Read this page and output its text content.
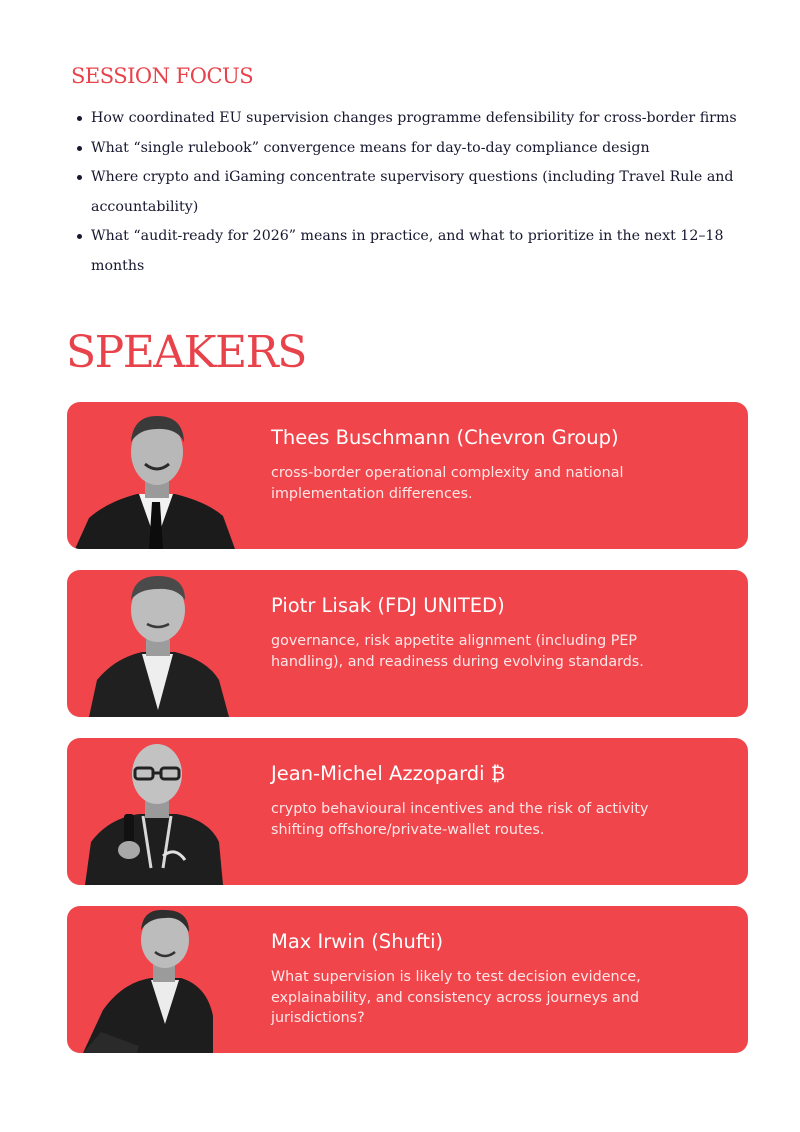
SESSION FOCUS
How coordinated EU supervision changes programme defensibility for cross-border firms
What “single rulebook” convergence means for day-to-day compliance design
Where crypto and iGaming concentrate supervisory questions (including Travel Rule and accountability)
What “audit-ready for 2026” means in practice, and what to prioritize in the next 12–18 months
SPEAKERS
Thees Buschmann (Chevron Group)

cross-border operational complexity and national implementation differences.

Piotr Lisak (FDJ UNITED)

governance, risk appetite alignment (including PEP handling), and readiness during evolving standards.

Jean-Michel Azzopardi ₿

crypto behavioural incentives and the risk of activity shifting offshore/private-wallet routes.

Max Irwin (Shufti)

What supervision is likely to test decision evidence, explainability, and consistency across journeys and jurisdictions?
